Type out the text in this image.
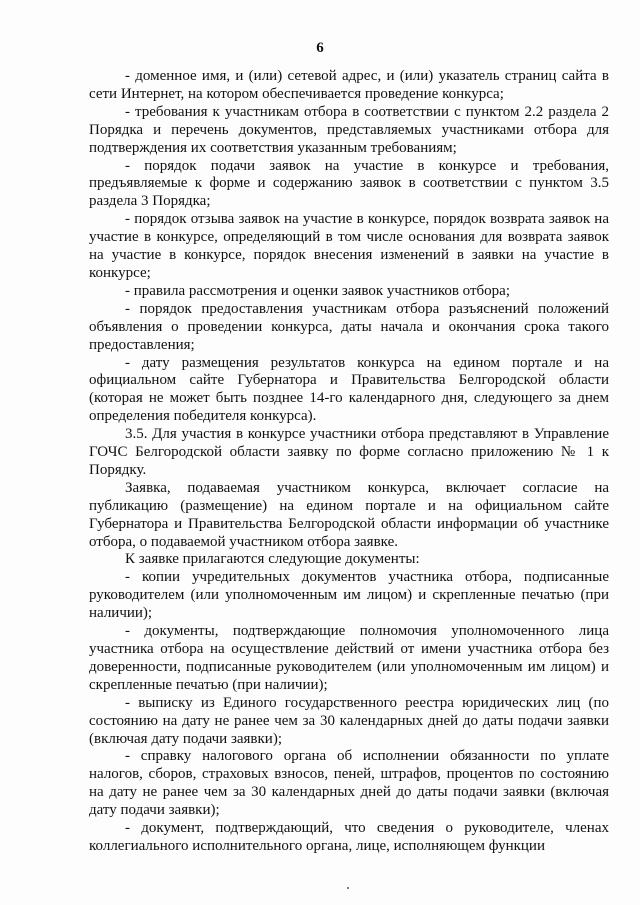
6

- доменное имя, и (или) сетевой адрес, и (или) указатель страниц сайта в сети Интернет, на котором обеспечивается проведение конкурса;

- требования к участникам отбора в соответствии с пунктом 2.2 раздела 2 Порядка и перечень документов, представляемых участниками отбора для подтверждения их соответствия указанным требованиям;

- порядок подачи заявок на участие в конкурсе и требования, предъявляемые к форме и содержанию заявок в соответствии с пунктом 3.5 раздела 3 Порядка;

- порядок отзыва заявок на участие в конкурсе, порядок возврата заявок на участие в конкурсе, определяющий в том числе основания для возврата заявок на участие в конкурсе, порядок внесения изменений в заявки на участие в конкурсе;

- правила рассмотрения и оценки заявок участников отбора;

- порядок предоставления участникам отбора разъяснений положений объявления о проведении конкурса, даты начала и окончания срока такого предоставления;

- дату размещения результатов конкурса на едином портале и на официальном сайте Губернатора и Правительства Белгородской области (которая не может быть позднее 14-го календарного дня, следующего за днем определения победителя конкурса).

3.5. Для участия в конкурсе участники отбора представляют в Управление ГОЧС Белгородской области заявку по форме согласно приложению № 1 к Порядку.

Заявка, подаваемая участником конкурса, включает согласие на публикацию (размещение) на едином портале и на официальном сайте Губернатора и Правительства Белгородской области информации об участнике отбора, о подаваемой участником отбора заявке.

К заявке прилагаются следующие документы:

- копии учредительных документов участника отбора, подписанные руководителем (или уполномоченным им лицом) и скрепленные печатью (при наличии);

- документы, подтверждающие полномочия уполномоченного лица участника отбора на осуществление действий от имени участника отбора без доверенности, подписанные руководителем (или уполномоченным им лицом) и скрепленные печатью (при наличии);

- выписку из Единого государственного реестра юридических лиц (по состоянию на дату не ранее чем за 30 календарных дней до даты подачи заявки (включая дату подачи заявки);

- справку налогового органа об исполнении обязанности по уплате налогов, сборов, страховых взносов, пеней, штрафов, процентов по состоянию на дату не ранее чем за 30 календарных дней до даты подачи заявки (включая дату подачи заявки);

- документ, подтверждающий, что сведения о руководителе, членах коллегиального исполнительного органа, лице, исполняющем функции
